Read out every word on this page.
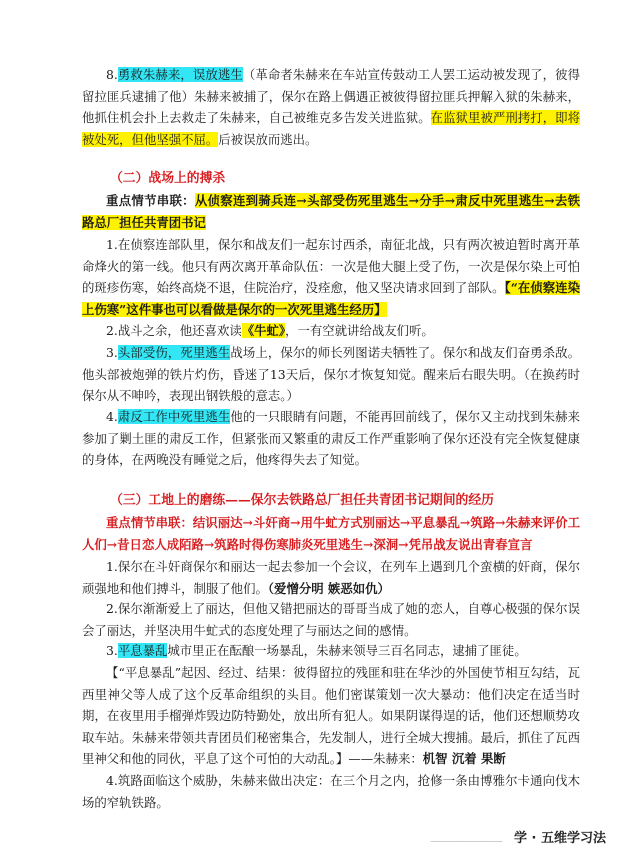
8.勇救朱赫来，误放逃生（革命者朱赫来在车站宣传鼓动工人罢工运动被发现了，彼得留拉匪兵逮捕了他）朱赫来被捕了，保尔在路上偶遇正被彼得留拉匪兵押解入狱的朱赫来，他抓住机会扑上去救走了朱赫来，自己被维克多告发关进监狱。在监狱里被严刑拷打，即将被处死，但他坚强不屈。后被误放而逃出。

（二）战场上的搏杀

重点情节串联：从侦察连到骑兵连→头部受伤死里逃生→分手→肃反中死里逃生→去铁路总厂担任共青团书记

1.在侦察连部队里，保尔和战友们一起东讨西杀，南征北战，只有两次被迫暂时离开革命烽火的第一线。他只有两次离开革命队伍：一次是他大腿上受了伤，一次是保尔染上可怕的斑疹伤寒，始终高烧不退，住院治疗，没痊愈，他又坚决请求回到了部队。【“在侦察连染上伤寒”这件事也可以看做是保尔的一次死里逃生经历】

2.战斗之余，他还喜欢读《牛虻》，一有空就讲给战友们听。

3.头部受伤，死里逃生战场上，保尔的师长列图诺夫牺牲了。保尔和战友们奋勇杀敌。他头部被炮弹的铁片灼伤，昏迷了13天后，保尔才恢复知觉。醒来后右眼失明。（在换药时保尔从不呻吟，表现出钢铁般的意志。）

4.肃反工作中死里逃生他的一只眼睛有问题，不能再回前线了，保尔又主动找到朱赫来参加了剿土匪的肃反工作，但紧张而又繁重的肃反工作严重影响了保尔还没有完全恢复健康的身体，在两晚没有睡觉之后，他疼得失去了知觉。

（三）工地上的磨练——保尔去铁路总厂担任共青团书记期间的经历

重点情节串联：结识丽达→斗奸商→用牛虻方式别丽达→平息暴乱→筑路→朱赫来评价工人们→昔日恋人成陌路→筑路时得伤寒肺炎死里逃生→深洞→凭吊战友说出青春宣言

1.保尔在斗奸商保尔和丽达一起去参加一个会议，在列车上遇到几个蛮横的奸商，保尔顽强地和他们搏斗，制服了他们。（爱憎分明 嫉恶如仇）

2.保尔渐渐爱上了丽达，但他又错把丽达的哥哥当成了她的恋人，自尊心极强的保尔误会了丽达，并坚决用牛虻式的态度处理了与丽达之间的感情。

3.平息暴乱城市里正在酝酿一场暴乱，朱赫来领导三百名同志，逮捕了匪徒。

【“平息暴乱”起因、经过、结果：彼得留拉的残匪和驻在华沙的外国使节相互勾结，瓦西里神父等人成了这个反革命组织的头目。他们密谋策划一次大暴动：他们决定在适当时期，在夜里用手榴弹炸毁边防特勤处，放出所有犯人。如果阴谋得逞的话，他们还想顺势攻取车站。朱赫来带领共青团员们秘密集合，先发制人，进行全城大搜捕。最后，抓住了瓦西里神父和他的同伙，平息了这个可怕的大动乱。】——朱赫来：机智 沉着 果断

4.筑路面临这个威胁，朱赫来做出决定：在三个月之内，抢修一条由博雅尔卡通向伐木场的窄轨铁路。

—————— 学 · 五维学习法
